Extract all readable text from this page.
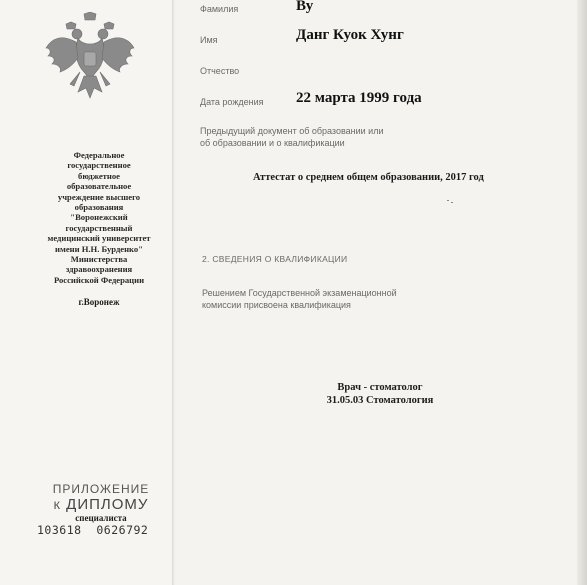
Федеральное
государственное
бюджетное
образовательное
учреждение высшего
образования
"Воронежский
государственный
медицинский университет
имени Н.Н. Бурденко"
Министерства
здравоохранения
Российской Федерации
г.Воронеж
ПРИЛОЖЕНИЕ
К ДИПЛОМУ
специалиста
103618  0626792
Фамилия	Ву
Имя	Данг Куок Хунг
Отчество
Дата рождения 22 марта 1999 года
Предыдущий документ об образовании или
об образовании и о квалификации
Аттестат о среднем общем образовании, 2017 год
2. СВЕДЕНИЯ О КВАЛИФИКАЦИИ
Решением Государственной экзаменационной
комиссии присвоена квалификация
Врач - стоматолог
31.05.03 Стоматология
